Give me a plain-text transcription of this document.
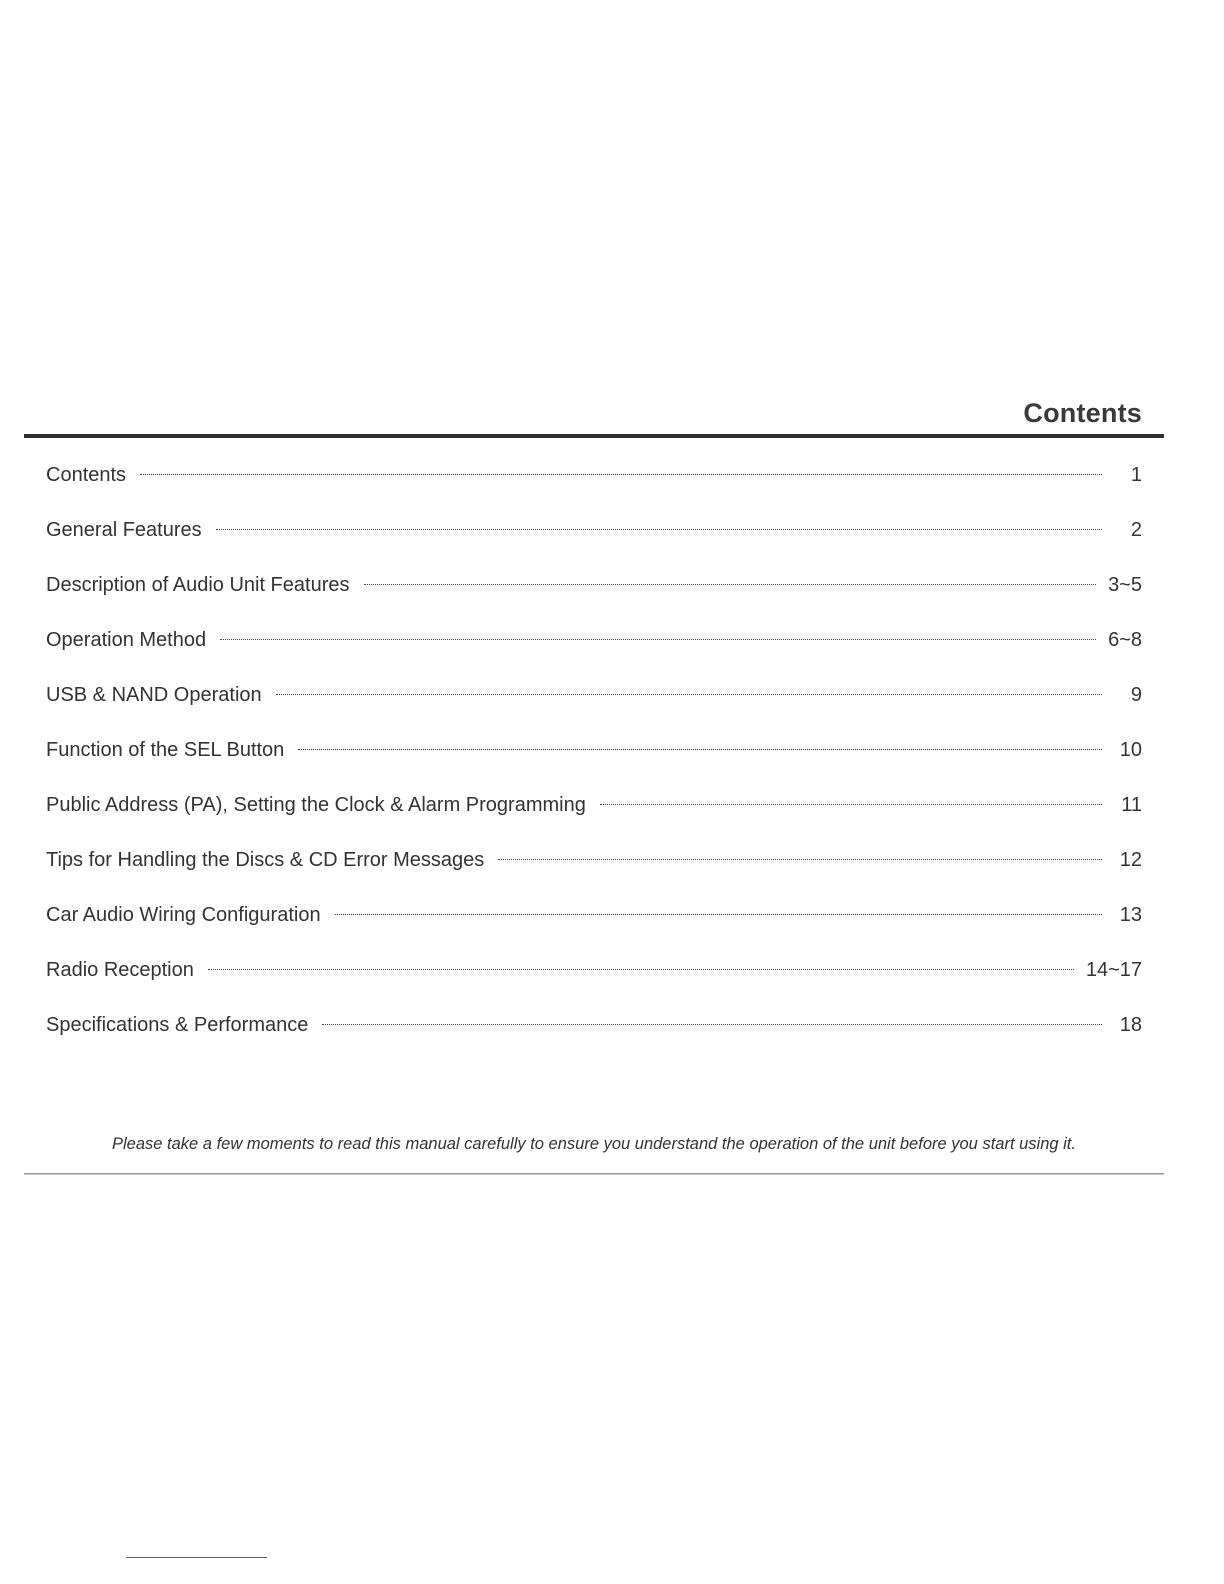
Contents
Contents	1
General Features	2
Description of Audio Unit Features	3~5
Operation Method	6~8
USB & NAND Operation	9
Function of the SEL Button	10
Public Address (PA), Setting the Clock & Alarm Programming	11
Tips for Handling the Discs & CD Error Messages	12
Car Audio Wiring Configuration	13
Radio Reception	14~17
Specifications & Performance	18
Please take a few moments to read this manual carefully to ensure you understand the operation of the unit before you start using it.
